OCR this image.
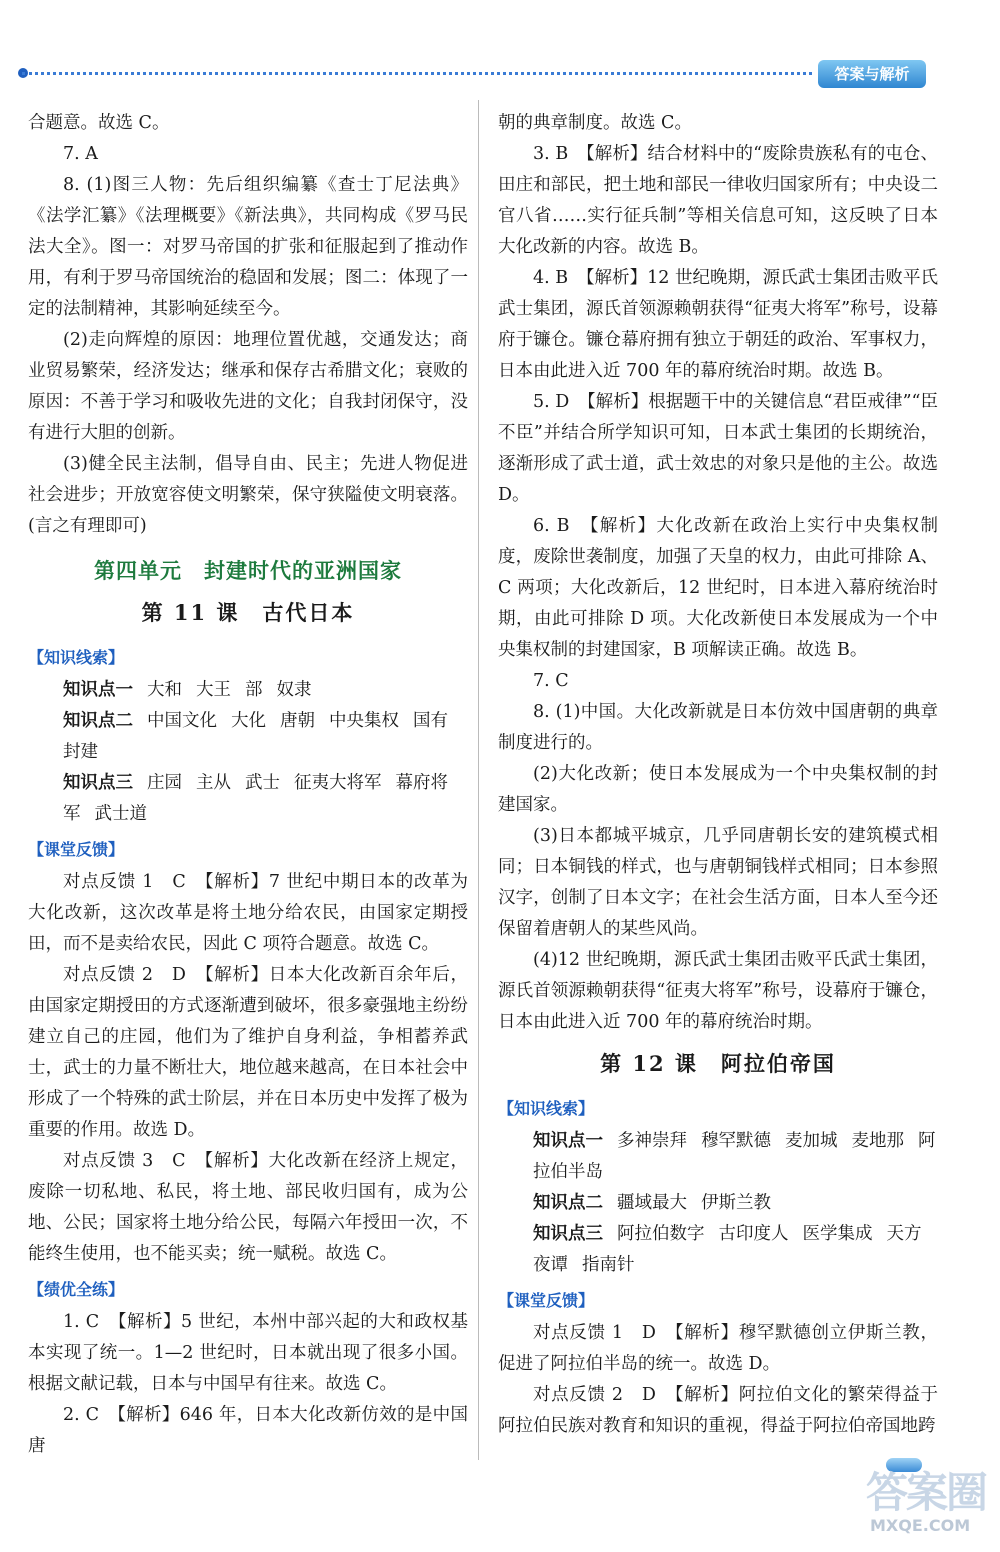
答案与解析

合题意。故选 C。

7. A

8. (1)图三人物：先后组织编纂《查士丁尼法典》《法学汇纂》《法理概要》《新法典》，共同构成《罗马民法大全》。图一：对罗马帝国的扩张和征服起到了推动作用，有利于罗马帝国统治的稳固和发展；图二：体现了一定的法制精神，其影响延续至今。

(2)走向辉煌的原因：地理位置优越，交通发达；商业贸易繁荣，经济发达；继承和保存古希腊文化；衰败的原因：不善于学习和吸收先进的文化；自我封闭保守，没有进行大胆的创新。

(3)健全民主法制，倡导自由、民主；先进人物促进社会进步；开放宽容使文明繁荣，保守狭隘使文明衰落。(言之有理即可)

第四单元　封建时代的亚洲国家
第 11 课　古代日本
【知识线索】

知识点一 大和 大王 部 奴隶

知识点二 中国文化 大化 唐朝 中央集权 国有封建

知识点三 庄园 主从 武士 征夷大将军 幕府将军 武士道

【课堂反馈】

对点反馈 1　C　【解析】7 世纪中期日本的改革为大化改新，这次改革是将土地分给农民，由国家定期授田，而不是卖给农民，因此 C 项符合题意。故选 C。

对点反馈 2　D　【解析】日本大化改新百余年后，由国家定期授田的方式逐渐遭到破坏，很多豪强地主纷纷建立自己的庄园，他们为了维护自身利益，争相蓄养武士，武士的力量不断壮大，地位越来越高，在日本社会中形成了一个特殊的武士阶层，并在日本历史中发挥了极为重要的作用。故选 D。

对点反馈 3　C　【解析】大化改新在经济上规定，废除一切私地、私民，将土地、部民收归国有，成为公地、公民；国家将土地分给公民，每隔六年授田一次，不能终生使用，也不能买卖；统一赋税。故选 C。

【绩优全练】

1. C　【解析】5 世纪，本州中部兴起的大和政权基本实现了统一。1—2 世纪时，日本就出现了很多小国。根据文献记载，日本与中国早有往来。故选 C。

2. C　【解析】646 年，日本大化改新仿效的是中国唐

朝的典章制度。故选 C。

3. B　【解析】结合材料中的“废除贵族私有的屯仓、田庄和部民，把土地和部民一律收归国家所有；中央设二官八省……实行征兵制”等相关信息可知，这反映了日本大化改新的内容。故选 B。

4. B　【解析】12 世纪晚期，源氏武士集团击败平氏武士集团，源氏首领源赖朝获得“征夷大将军”称号，设幕府于镰仓。镰仓幕府拥有独立于朝廷的政治、军事权力，日本由此进入近 700 年的幕府统治时期。故选 B。

5. D　【解析】根据题干中的关键信息“君臣戒律”“臣不臣”并结合所学知识可知，日本武士集团的长期统治，逐渐形成了武士道，武士效忠的对象只是他的主公。故选 D。

6. B　【解析】大化改新在政治上实行中央集权制度，废除世袭制度，加强了天皇的权力，由此可排除 A、C 两项；大化改新后，12 世纪时，日本进入幕府统治时期，由此可排除 D 项。大化改新使日本发展成为一个中央集权制的封建国家，B 项解读正确。故选 B。

7. C

8. (1)中国。大化改新就是日本仿效中国唐朝的典章制度进行的。

(2)大化改新；使日本发展成为一个中央集权制的封建国家。

(3)日本都城平城京，几乎同唐朝长安的建筑模式相同；日本铜钱的样式，也与唐朝铜钱样式相同；日本参照汉字，创制了日本文字；在社会生活方面，日本人至今还保留着唐朝人的某些风尚。

(4)12 世纪晚期，源氏武士集团击败平氏武士集团，源氏首领源赖朝获得“征夷大将军”称号，设幕府于镰仓，日本由此进入近 700 年的幕府统治时期。

第 12 课　阿拉伯帝国
【知识线索】

知识点一 多神崇拜 穆罕默德 麦加城 麦地那 阿拉伯半岛

知识点二 疆域最大 伊斯兰教

知识点三 阿拉伯数字 古印度人 医学集成 天方夜谭 指南针

【课堂反馈】

对点反馈 1　D　【解析】穆罕默德创立伊斯兰教，促进了阿拉伯半岛的统一。故选 D。

对点反馈 2　D　【解析】阿拉伯文化的繁荣得益于阿拉伯民族对教育和知识的重视，得益于阿拉伯帝国地跨

答案圈
MXQE.COM
